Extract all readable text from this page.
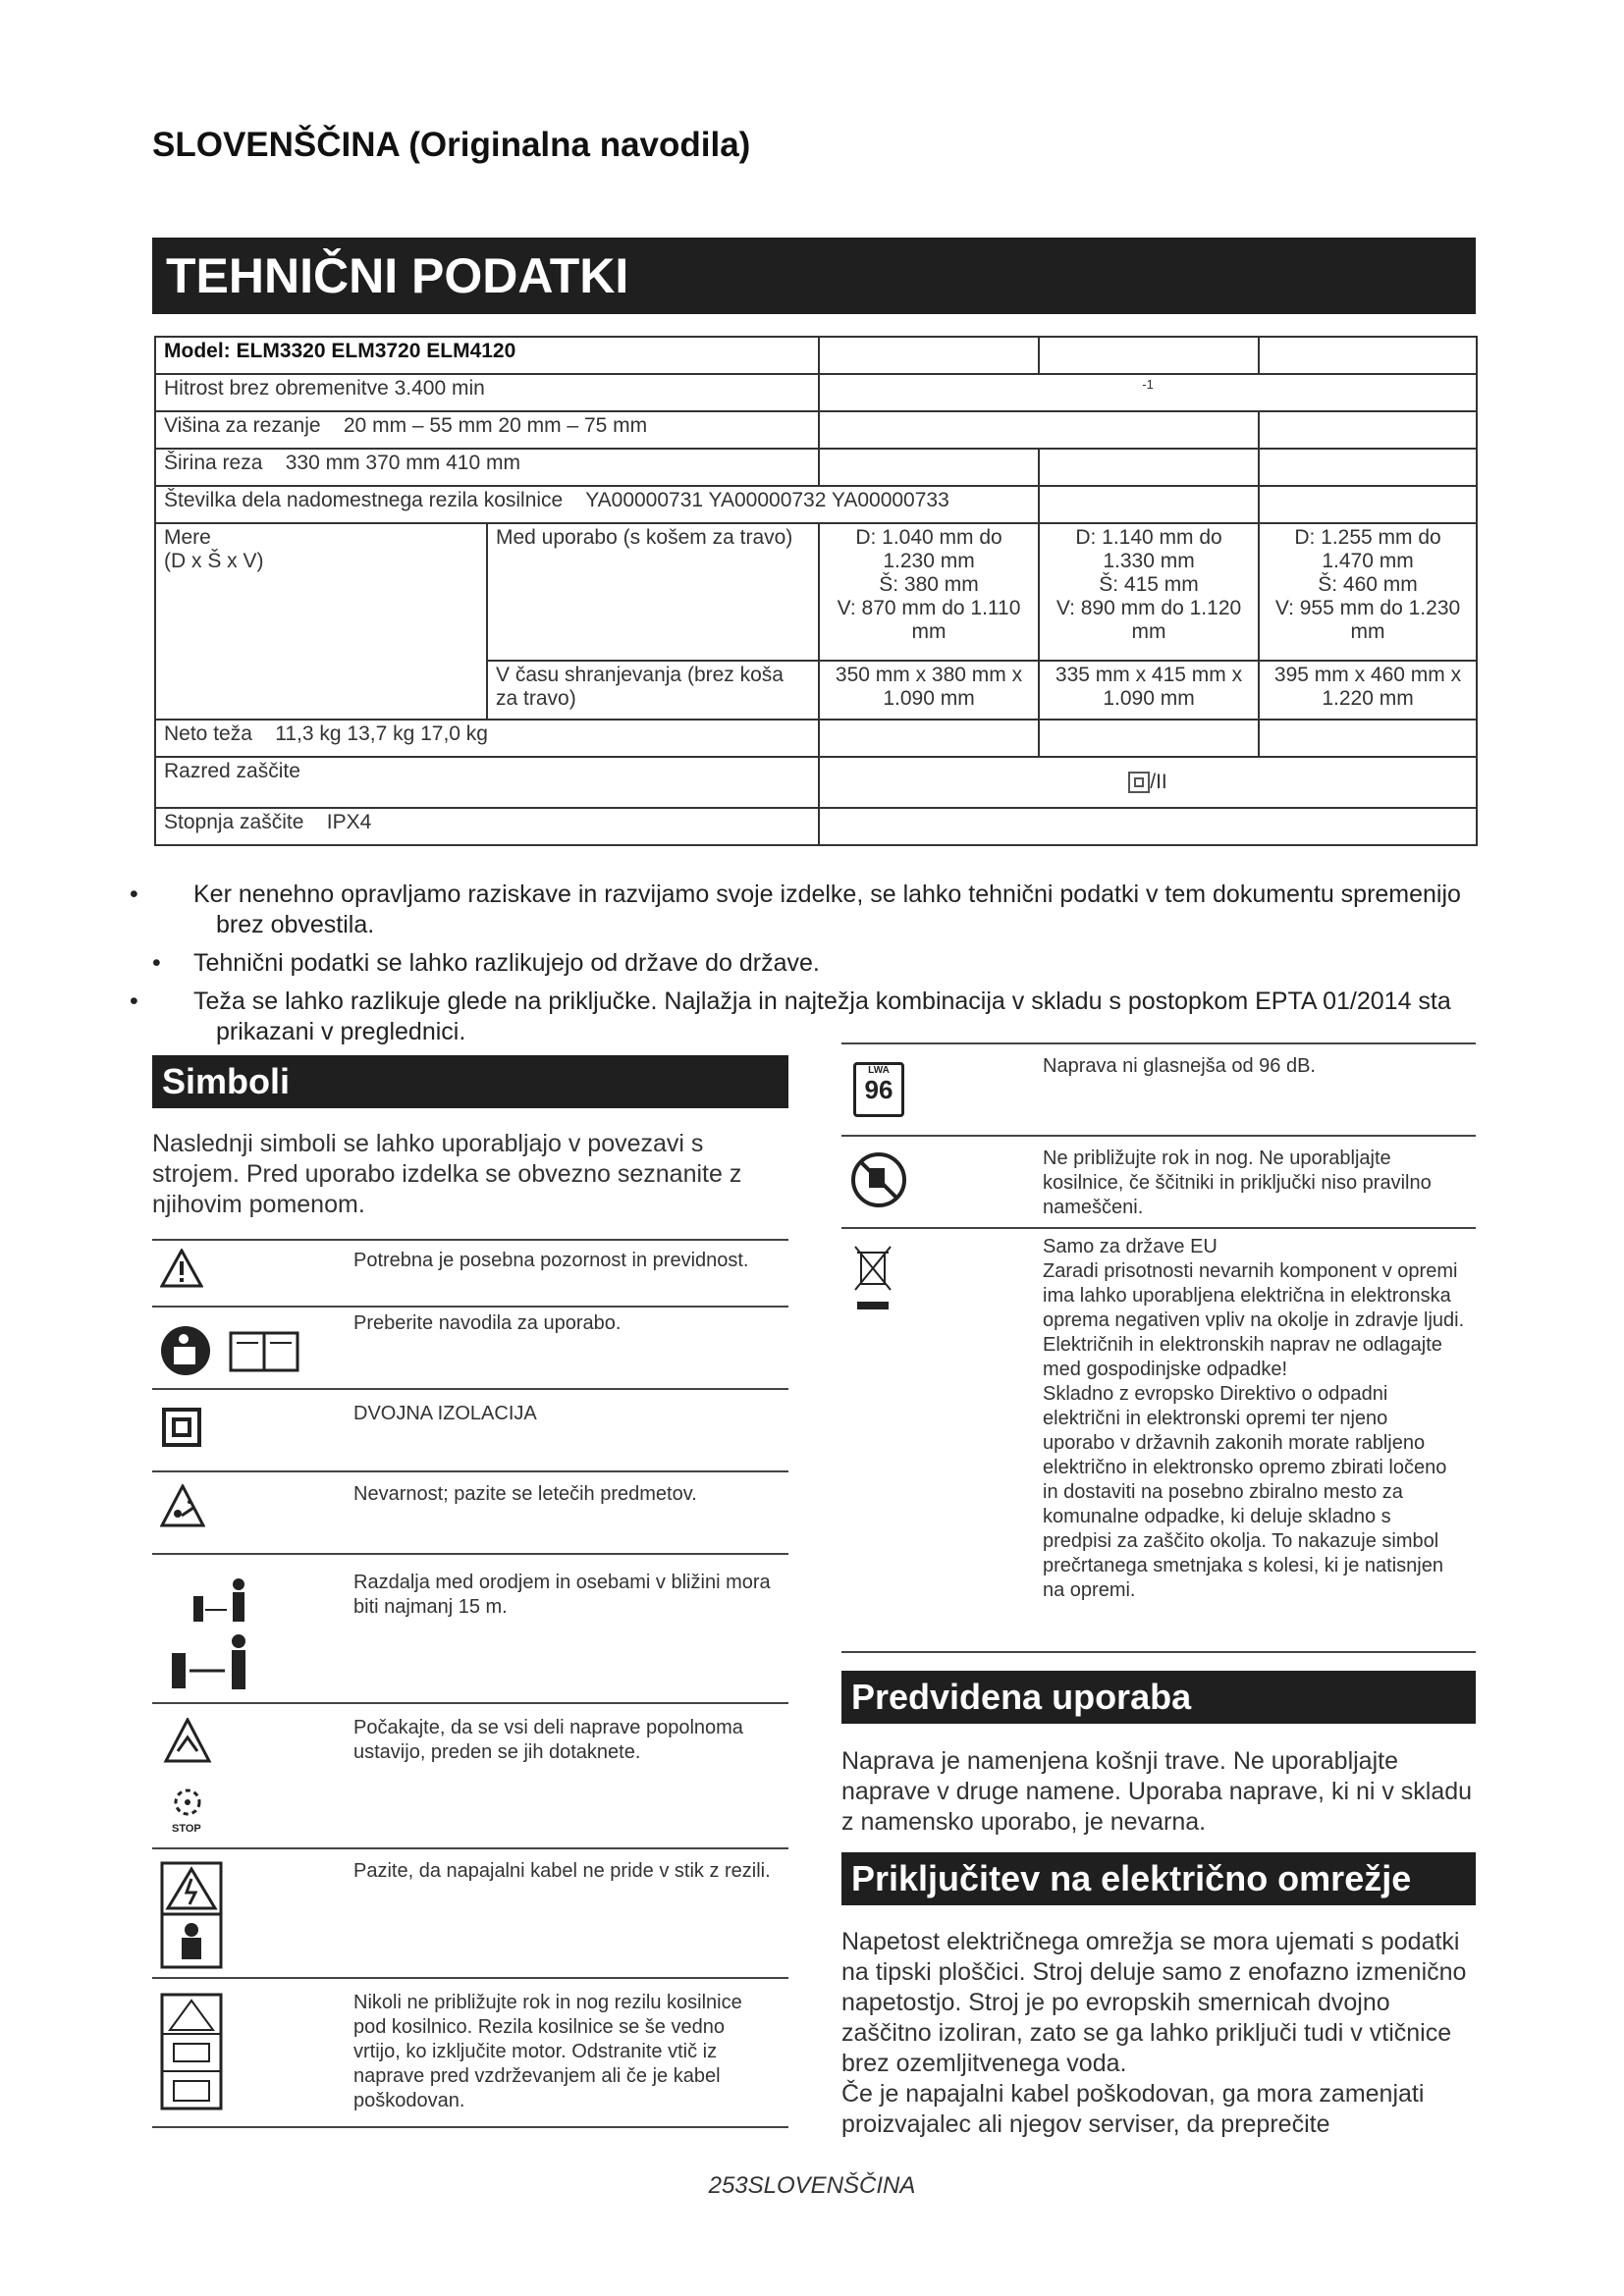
SLOVENŠČINA (Originalna navodila)
TEHNIČNI PODATKI
Model: ELM3320 ELM3720 ELM4120				
Hitrost brez obremenitve 3.400 min		-1		
Višina za rezanje    20 mm – 55 mm 20 mm – 75 mm				
Širina reza    330 mm 370 mm 410 mm				
Številka dela nadomestnega rezila kosilnice    YA00000731 YA00000732 YA00000733				
Mere
(D x Š x V)	Med uporabo (s košem za travo)	D: 1.040 mm do 1.230 mm
Š: 380 mm
V: 870 mm do 1.110 mm	D: 1.140 mm do 1.330 mm
Š: 415 mm
V: 890 mm do 1.120 mm	D: 1.255 mm do 1.470 mm
Š: 460 mm
V: 955 mm do 1.230 mm
	V času shranjevanja (brez koša za travo)	350 mm x 380 mm x 1.090 mm	335 mm x 415 mm x 1.090 mm	395 mm x 460 mm x 1.220 mm
Neto teža    11,3 kg 13,7 kg 17,0 kg				
Razred zaščite		/II		
Stopnja zaščite    IPX4				
•	Ker nenehno opravljamo raziskave in razvijamo svoje izdelke, se lahko tehnični podatki v tem dokumentu spremenijo brez obvestila.
• Tehnični podatki se lahko razlikujejo od države do države.
•	Teža se lahko razlikuje glede na priključke. Najlažja in najtežja kombinacija v skladu s postopkom EPTA 01/2014 sta prikazani v preglednici.
Simboli
Naslednji simboli se lahko uporabljajo v povezavi s strojem. Pred uporabo izdelka se obvezno seznanite z njihovim pomenom.
Potrebna je posebna pozornost in previdnost.
Preberite navodila za uporabo.
DVOJNA IZOLACIJA
Nevarnost; pazite se letečih predmetov.
Razdalja med orodjem in osebami v bližini mora biti najmanj 15 m.
STOP
Počakajte, da se vsi deli naprave popolnoma ustavijo, preden se jih dotaknete.
Pazite, da napajalni kabel ne pride v stik z rezili.
Nikoli ne približujte rok in nog rezilu kosilnice pod kosilnico. Rezila kosilnice se še vedno vrtijo, ko izključite motor. Odstranite vtič iz naprave pred vzdrževanjem ali če je kabel poškodovan.
LWA
96
Naprava ni glasnejša od 96 dB.
Ne približujte rok in nog. Ne uporabljajte kosilnice, če ščitniki in priključki niso pravilno nameščeni.
Samo za države EU
Zaradi prisotnosti nevarnih komponent v opremi ima lahko uporabljena električna in elektronska oprema negativen vpliv na okolje in zdravje ljudi.
Električnih in elektronskih naprav ne odlagajte med gospodinjske odpadke!
Skladno z evropsko Direktivo o odpadni električni in elektronski opremi ter njeno uporabo v državnih zakonih morate rabljeno električno in elektronsko opremo zbirati ločeno in dostaviti na posebno zbiralno mesto za komunalne odpadke, ki deluje skladno s predpisi za zaščito okolja. To nakazuje simbol prečrtanega smetnjaka s kolesi, ki je natisnjen na opremi.
Predvidena uporaba
Naprava je namenjena košnji trave. Ne uporabljajte naprave v druge namene. Uporaba naprave, ki ni v skladu z namensko uporabo, je nevarna.
Priključitev na električno omrežje
Napetost električnega omrežja se mora ujemati s podatki na tipski ploščici. Stroj deluje samo z enofazno izmenično napetostjo. Stroj je po evropskih smernicah dvojno zaščitno izoliran, zato se ga lahko priključi tudi v vtičnice brez ozemljitvenega voda.
Če je napajalni kabel poškodovan, ga mora zamenjati proizvajalec ali njegov serviser, da preprečite
253SLOVENŠČINA
